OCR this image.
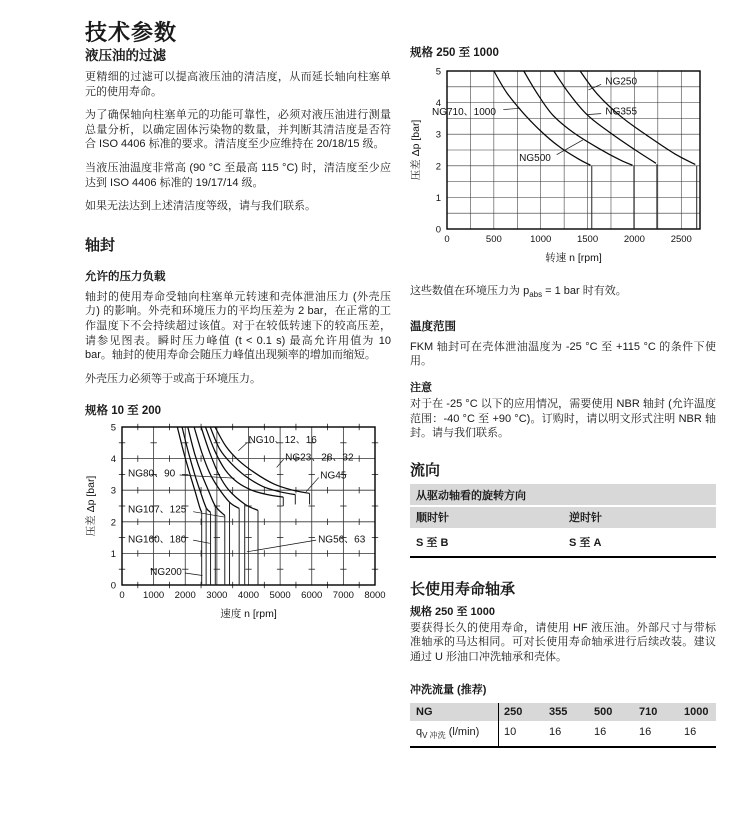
技术参数
液压油的过滤

更精细的过滤可以提高液压油的清洁度，从而延长轴向柱塞单元的使用寿命。

为了确保轴向柱塞单元的功能可靠性，必须对液压油进行测量总量分析，以确定固体污染物的数量，并判断其清洁度是否符合 ISO 4406 标准的要求。清洁度至少应维持在 20/18/15 级。

当液压油温度非常高 (90 °C 至最高 115 °C) 时，清洁度至少应达到 ISO 4406 标准的 19/17/14 级。

如果无法达到上述清洁度等级，请与我们联系。

轴封
允许的压力负载

轴封的使用寿命受轴向柱塞单元转速和壳体泄油压力 (外壳压力) 的影响。外壳和环境压力的平均压差为 2 bar，在正常的工作温度下不会持续超过该值。对于在较低转速下的较高压差，请参见图表。瞬时压力峰值 (t < 0.1 s) 最高允许用值为 10 bar。轴封的使用寿命会随压力峰值出现频率的增加而缩短。

外壳压力必须等于或高于环境压力。

规格 10 至 200
NG10、12、16
NG23、28、32
NG45
NG80、90
NG107、125
NG160、180	NG56、63
NG200
0 1000 2000 3000 4000 5000 6000 7000 8000
0
1
2
3
4
5
速度 n [rpm]
压差 Δp [bar]
规格 250 至 1000
NG250
NG355
NG710、1000
NG500
0	500	1000	1500	2000	2500
0
1
2
3
4
5
转速 n [rpm]
压差 Δp [bar]

这些数值在环境压力为 $p_{abs} = 1$ bar 时有效。

温度范围

FKM 轴封可在壳体泄油温度为 -25 °C 至 +115 °C 的条件下使用。

注意

对于在 -25 °C 以下的应用情况，需要使用 NBR 轴封 (允许温度范围：-40 °C 至 +90 °C)。订购时，请以明文形式注明 NBR 轴封。请与我们联系。

流向
从驱动轴看的旋转方向
顺时针	逆时针
S 至 B	S 至 A
长使用寿命轴承
规格 250 至 1000

要获得长久的使用寿命，请使用 HF 液压油。外部尺寸与带标准轴承的马达相同。可对长使用寿命轴承进行后续改装。建议通过 U 形油口冲洗轴承和壳体。

冲洗流量 (推荐)
NG	250	355	500	710	1000
$q_{V 冲洗}$ (l/min)	10	16	16	16	16
